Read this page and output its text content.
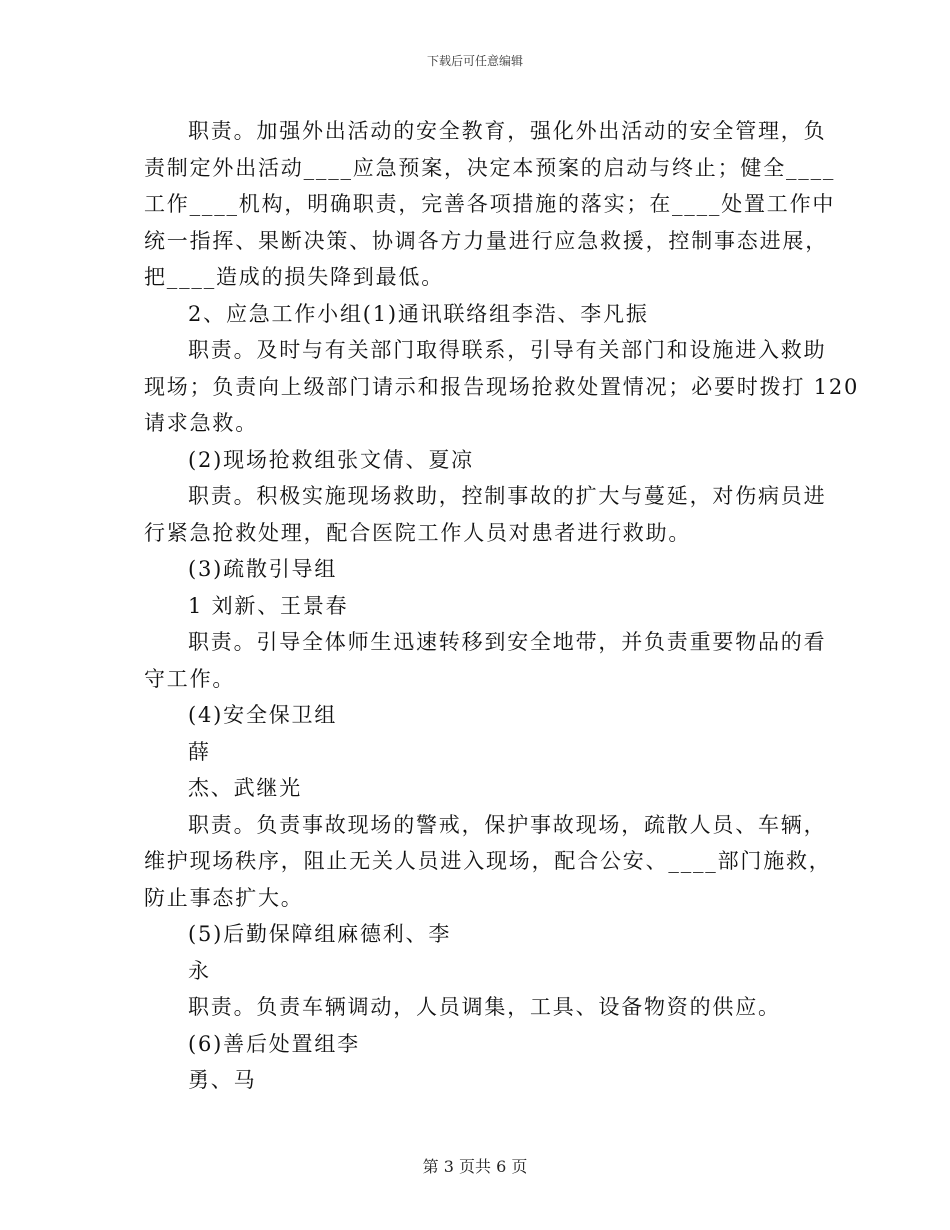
下载后可任意编辑

职责。加强外出活动的安全教育，强化外出活动的安全管理，负

责制定外出活动____应急预案，决定本预案的启动与终止；健全____

工作____机构，明确职责，完善各项措施的落实；在____处置工作中

统一指挥、果断决策、协调各方力量进行应急救援，控制事态进展，

把____造成的损失降到最低。

2、应急工作小组(1)通讯联络组李浩、李凡振

职责。及时与有关部门取得联系，引导有关部门和设施进入救助

现场；负责向上级部门请示和报告现场抢救处置情况；必要时拨打 120

请求急救。

(2)现场抢救组张文倩、夏凉

职责。积极实施现场救助，控制事故的扩大与蔓延，对伤病员进

行紧急抢救处理，配合医院工作人员对患者进行救助。

(3)疏散引导组

1 刘新、王景春

职责。引导全体师生迅速转移到安全地带，并负责重要物品的看

守工作。

(4)安全保卫组

薛

杰、武继光

职责。负责事故现场的警戒，保护事故现场，疏散人员、车辆，

维护现场秩序，阻止无关人员进入现场，配合公安、____部门施救，

防止事态扩大。

(5)后勤保障组麻德利、李

永

职责。负责车辆调动，人员调集，工具、设备物资的供应。

(6)善后处置组李

勇、马

第 3 页共 6 页
